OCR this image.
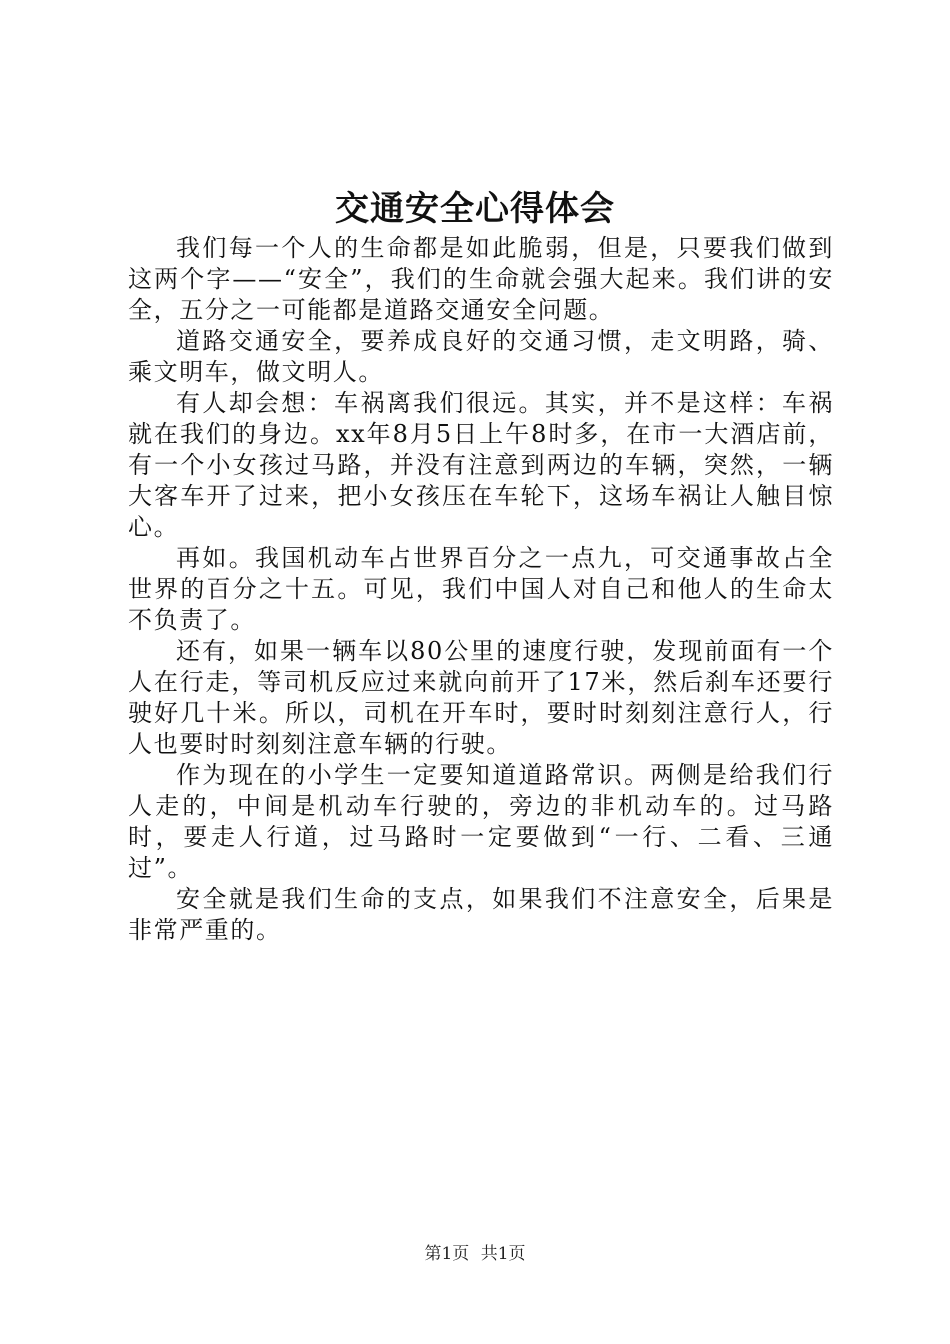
交通安全心得体会

我们每一个人的生命都是如此脆弱，但是，只要我们做到这两个字——“安全”，我们的生命就会强大起来。我们讲的安全，五分之一可能都是道路交通安全问题。

道路交通安全，要养成良好的交通习惯，走文明路，骑、乘文明车，做文明人。

有人却会想：车祸离我们很远。其实，并不是这样：车祸就在我们的身边。xx年8月5日上午8时多，在市一大酒店前，有一个小女孩过马路，并没有注意到两边的车辆，突然，一辆大客车开了过来，把小女孩压在车轮下，这场车祸让人触目惊心。

再如。我国机动车占世界百分之一点九，可交通事故占全世界的百分之十五。可见，我们中国人对自己和他人的生命太不负责了。

还有，如果一辆车以80公里的速度行驶，发现前面有一个人在行走，等司机反应过来就向前开了17米，然后刹车还要行驶好几十米。所以，司机在开车时，要时时刻刻注意行人，行人也要时时刻刻注意车辆的行驶。

作为现在的小学生一定要知道道路常识。两侧是给我们行人走的，中间是机动车行驶的，旁边的非机动车的。过马路时，要走人行道，过马路时一定要做到“一行、二看、三通过”。

安全就是我们生命的支点，如果我们不注意安全，后果是非常严重的。

第1页 共1页
